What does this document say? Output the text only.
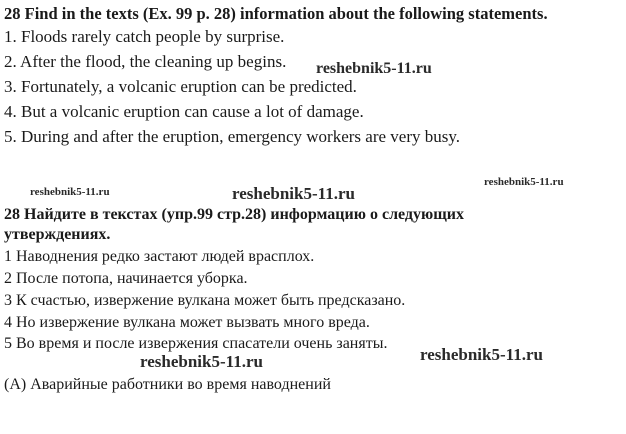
28 Find in the texts (Ex. 99 p. 28) information about the following statements.
1. Floods rarely catch people by surprise.
2. After the flood, the cleaning up begins.
3. Fortunately, a volcanic eruption can be predicted.
4. But a volcanic eruption can cause a lot of damage.
5. During and after the eruption, emergency workers are very busy.
28 Найдите в текстах (упр.99 стр.28) информацию о следующих
утверждениях.
1 Наводнения редко застают людей врасплох.
2 После потопа, начинается уборка.
3 К счастью, извержение вулкана может быть предсказано.
4 Но извержение вулкана может вызвать много вреда.
5 Во время и после извержения спасатели очень заняты.
(A) Аварийные работники во время наводнений
reshebnik5-11.ru
reshebnik5-11.ru	reshebnik5-11.ru
reshebnik5-11.ru
reshebnik5-11.ru	reshebnik5-11.ru
